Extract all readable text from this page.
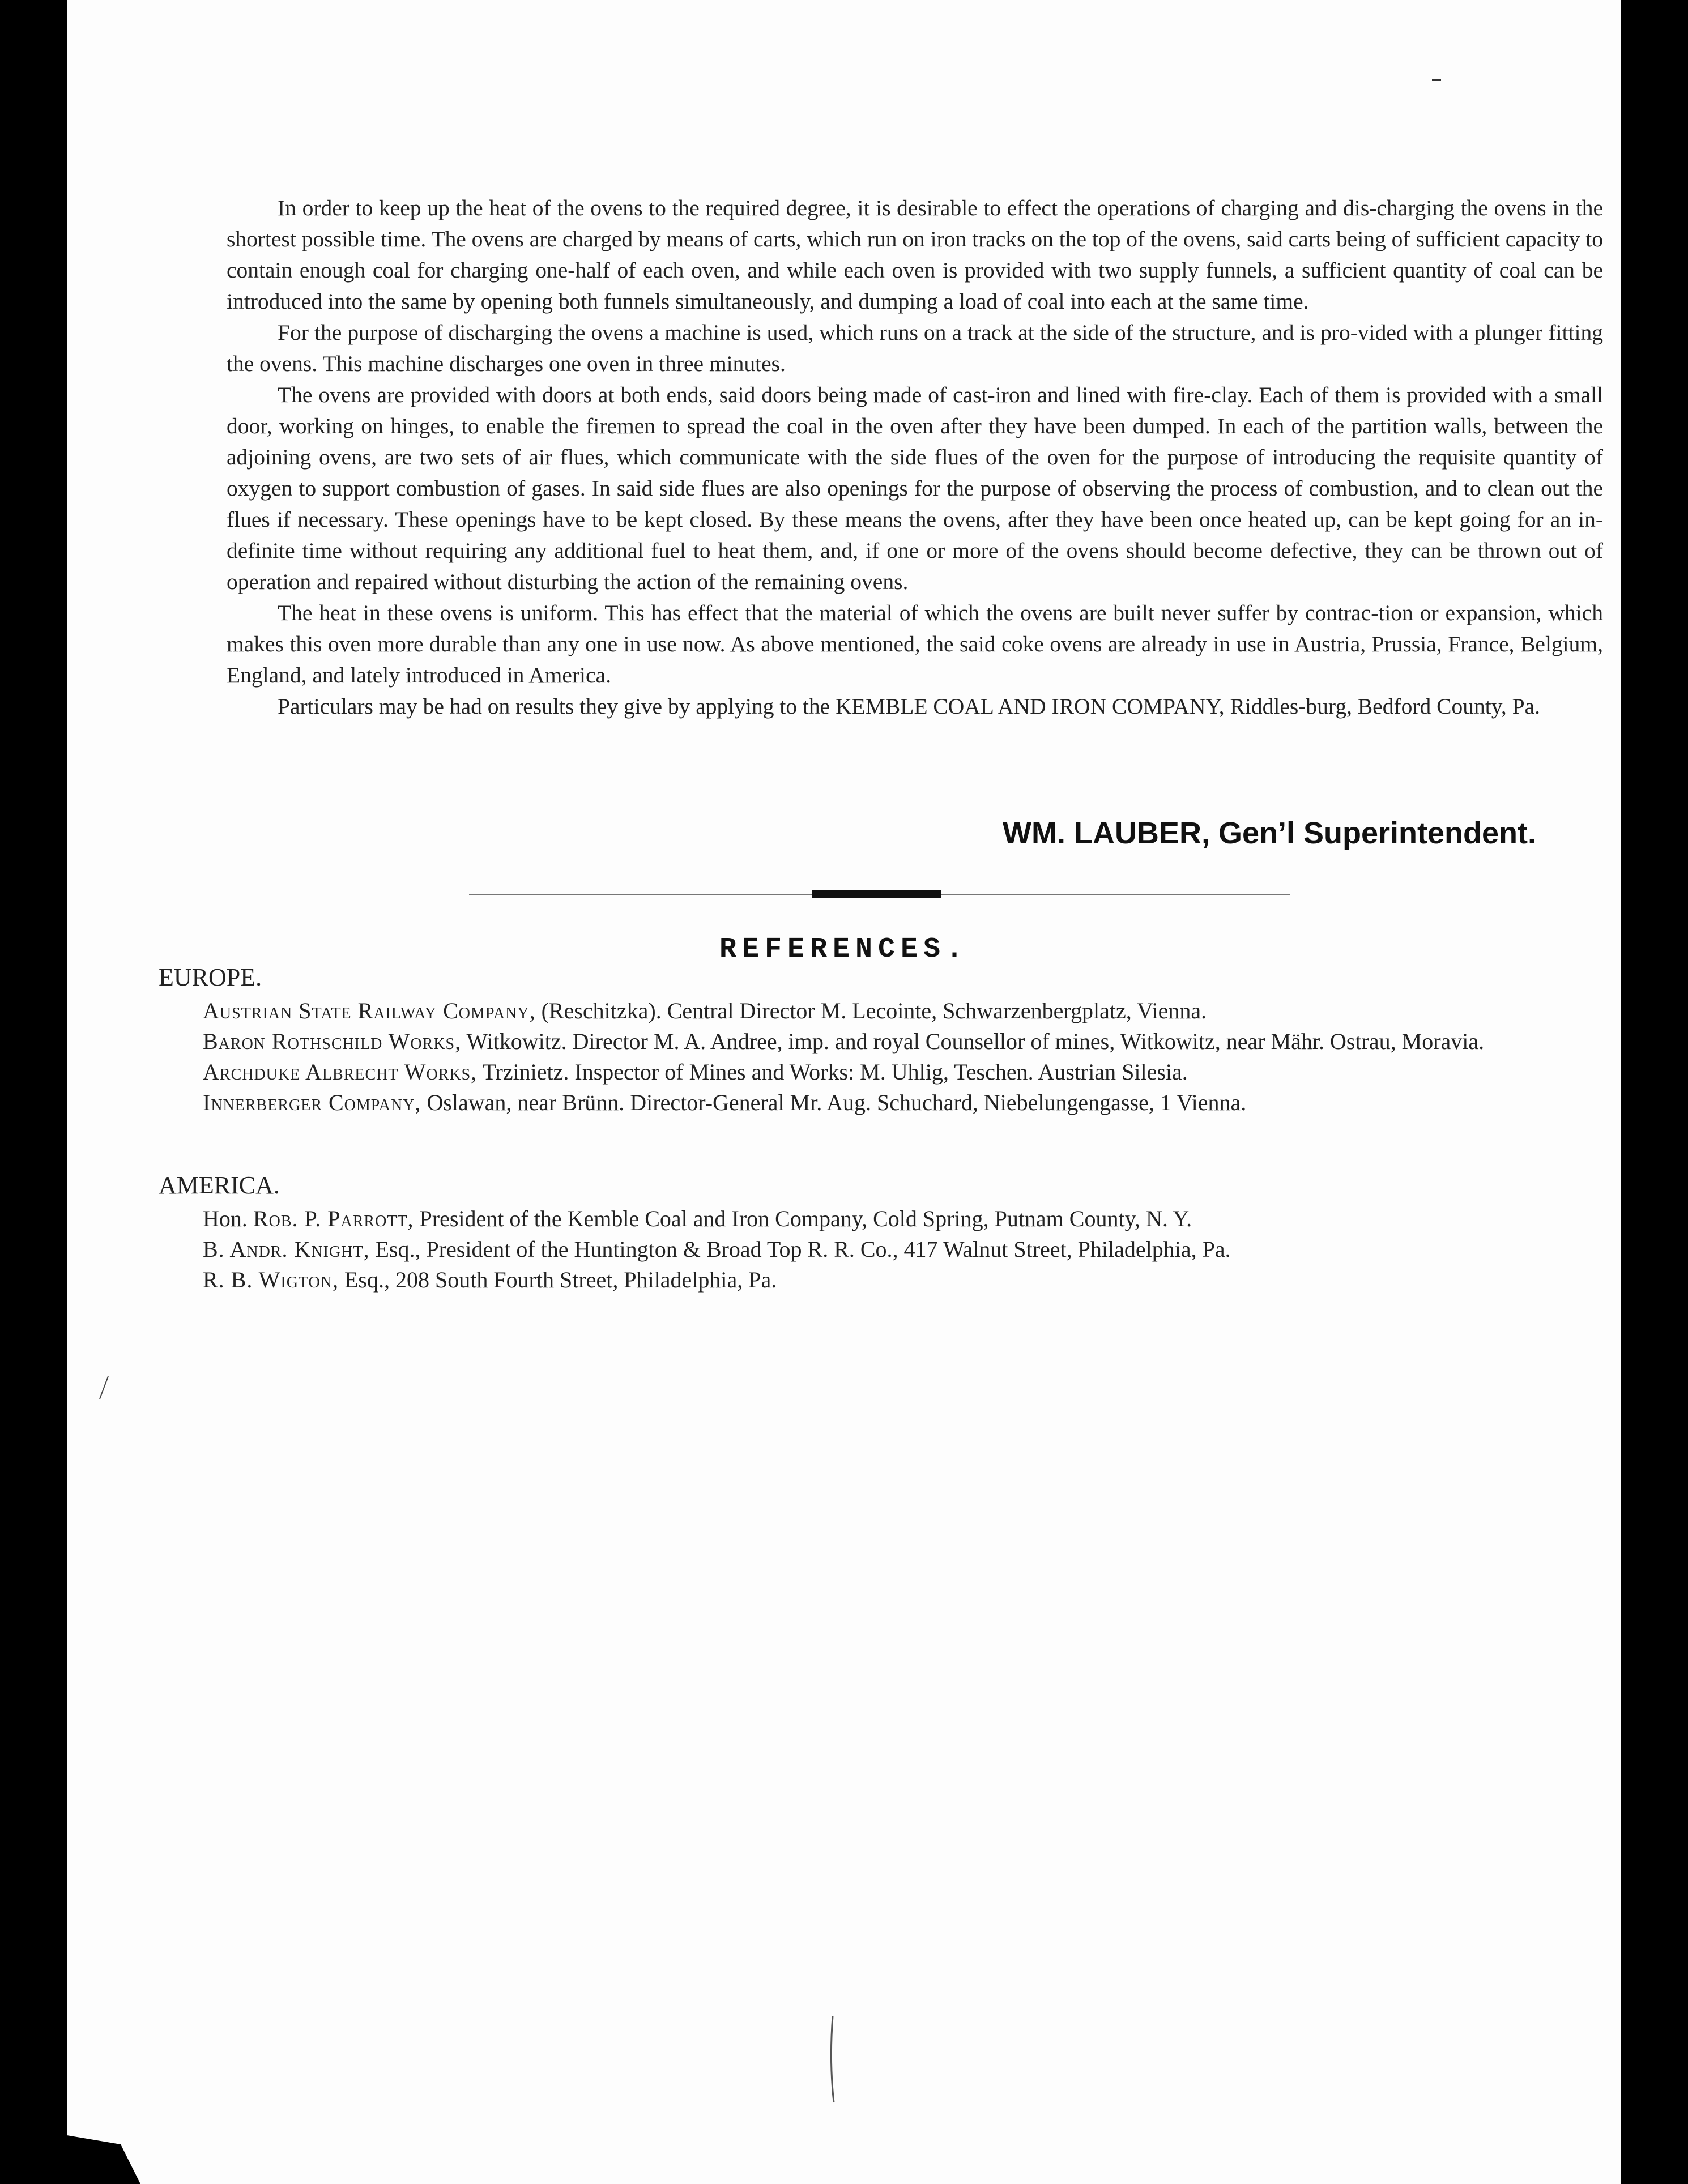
In order to keep up the heat of the ovens to the required degree, it is desirable to effect the operations of charging and dis-charging the ovens in the shortest possible time. The ovens are charged by means of carts, which run on iron tracks on the top of the ovens, said carts being of sufficient capacity to contain enough coal for charging one-half of each oven, and while each oven is provided with two supply funnels, a sufficient quantity of coal can be introduced into the same by opening both funnels simultaneously, and dumping a load of coal into each at the same time.

For the purpose of discharging the ovens a machine is used, which runs on a track at the side of the structure, and is pro-vided with a plunger fitting the ovens. This machine discharges one oven in three minutes.

The ovens are provided with doors at both ends, said doors being made of cast-iron and lined with fire-clay. Each of them is provided with a small door, working on hinges, to enable the firemen to spread the coal in the oven after they have been dumped. In each of the partition walls, between the adjoining ovens, are two sets of air flues, which communicate with the side flues of the oven for the purpose of introducing the requisite quantity of oxygen to support combustion of gases. In said side flues are also openings for the purpose of observing the process of combustion, and to clean out the flues if necessary. These openings have to be kept closed. By these means the ovens, after they have been once heated up, can be kept going for an in-definite time without requiring any additional fuel to heat them, and, if one or more of the ovens should become defective, they can be thrown out of operation and repaired without disturbing the action of the remaining ovens.

The heat in these ovens is uniform. This has effect that the material of which the ovens are built never suffer by contrac-tion or expansion, which makes this oven more durable than any one in use now. As above mentioned, the said coke ovens are already in use in Austria, Prussia, France, Belgium, England, and lately introduced in America.

Particulars may be had on results they give by applying to the KEMBLE COAL AND IRON COMPANY, Riddles-burg, Bedford County, Pa.

WM. LAUBER, Gen’l Superintendent.
REFERENCES.
EUROPE.

Austrian State Railway Company, (Reschitzka). Central Director M. Lecointe, Schwarzenbergplatz, Vienna.

Baron Rothschild Works, Witkowitz. Director M. A. Andree, imp. and royal Counsellor of mines, Witkowitz, near Mähr. Ostrau, Moravia.

Archduke Albrecht Works, Trzinietz. Inspector of Mines and Works: M. Uhlig, Teschen. Austrian Silesia.

Innerberger Company, Oslawan, near Brünn. Director-General Mr. Aug. Schuchard, Niebelungengasse, 1 Vienna.

AMERICA.

Hon. Rob. P. Parrott, President of the Kemble Coal and Iron Company, Cold Spring, Putnam County, N. Y.

B. Andr. Knight, Esq., President of the Huntington & Broad Top R. R. Co., 417 Walnut Street, Philadelphia, Pa.

R. B. Wigton, Esq., 208 South Fourth Street, Philadelphia, Pa.
